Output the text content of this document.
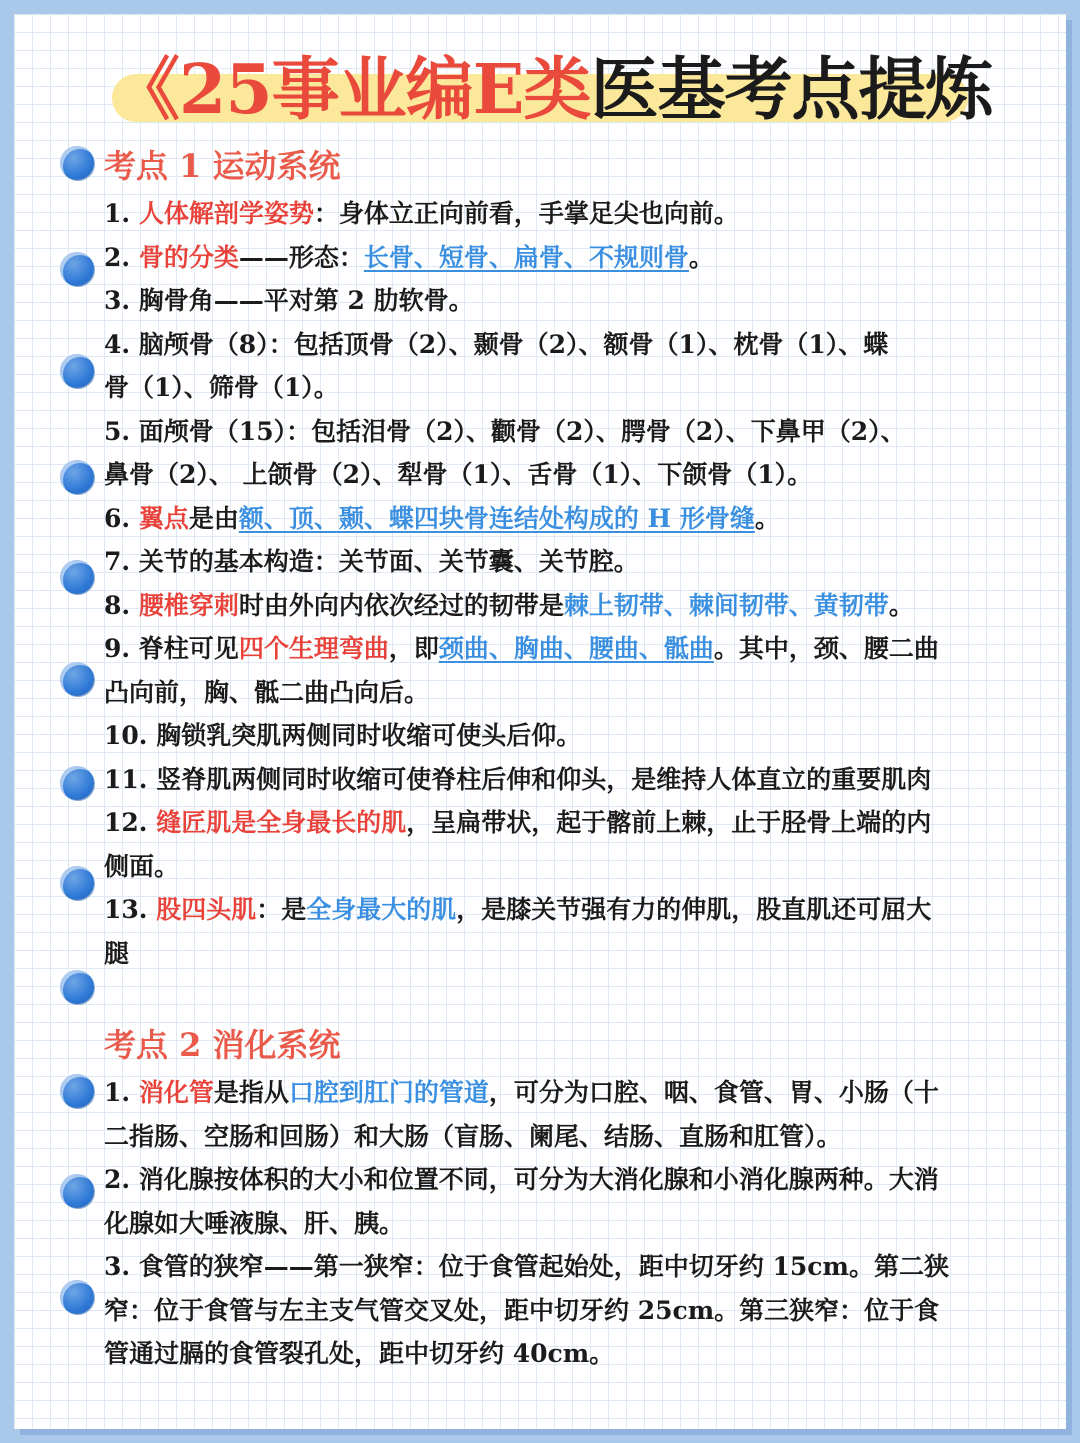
《25事业编E类医基考点提炼
考点 1 运动系统

1. 人体解剖学姿势：身体立正向前看，手掌足尖也向前。

2. 骨的分类——形态：长骨、短骨、扁骨、不规则骨。

3. 胸骨角——平对第 2 肋软骨。

4. 脑颅骨（8）：包括顶骨（2）、颞骨（2）、额骨（1）、枕骨（1）、蝶
骨（1）、筛骨（1）。

5. 面颅骨（15）：包括泪骨（2）、颧骨（2）、腭骨（2）、下鼻甲（2）、
鼻骨（2）、 上颌骨（2）、犁骨（1）、舌骨（1）、下颌骨（1）。

6. 翼点是由额、顶、颞、蝶四块骨连结处构成的 H 形骨缝。

7. 关节的基本构造：关节面、关节囊、关节腔。

8. 腰椎穿刺时由外向内依次经过的韧带是棘上韧带、棘间韧带、黄韧带。

9. 脊柱可见四个生理弯曲，即颈曲、胸曲、腰曲、骶曲。其中，颈、腰二曲
凸向前，胸、骶二曲凸向后。

10. 胸锁乳突肌两侧同时收缩可使头后仰。

11. 竖脊肌两侧同时收缩可使脊柱后伸和仰头，是维持人体直立的重要肌肉

12. 缝匠肌是全身最长的肌，呈扁带状，起于髂前上棘，止于胫骨上端的内
侧面。

13. 股四头肌：是全身最大的肌，是膝关节强有力的伸肌，股直肌还可屈大
腿

考点 2 消化系统

1. 消化管是指从口腔到肛门的管道，可分为口腔、咽、食管、胃、小肠（十
二指肠、空肠和回肠）和大肠（盲肠、阑尾、结肠、直肠和肛管）。

2. 消化腺按体积的大小和位置不同，可分为大消化腺和小消化腺两种。大消
化腺如大唾液腺、肝、胰。

3. 食管的狭窄——第一狭窄：位于食管起始处，距中切牙约 15cm。第二狭
窄：位于食管与左主支气管交叉处，距中切牙约 25cm。第三狭窄：位于食
管通过膈的食管裂孔处，距中切牙约 40cm。
